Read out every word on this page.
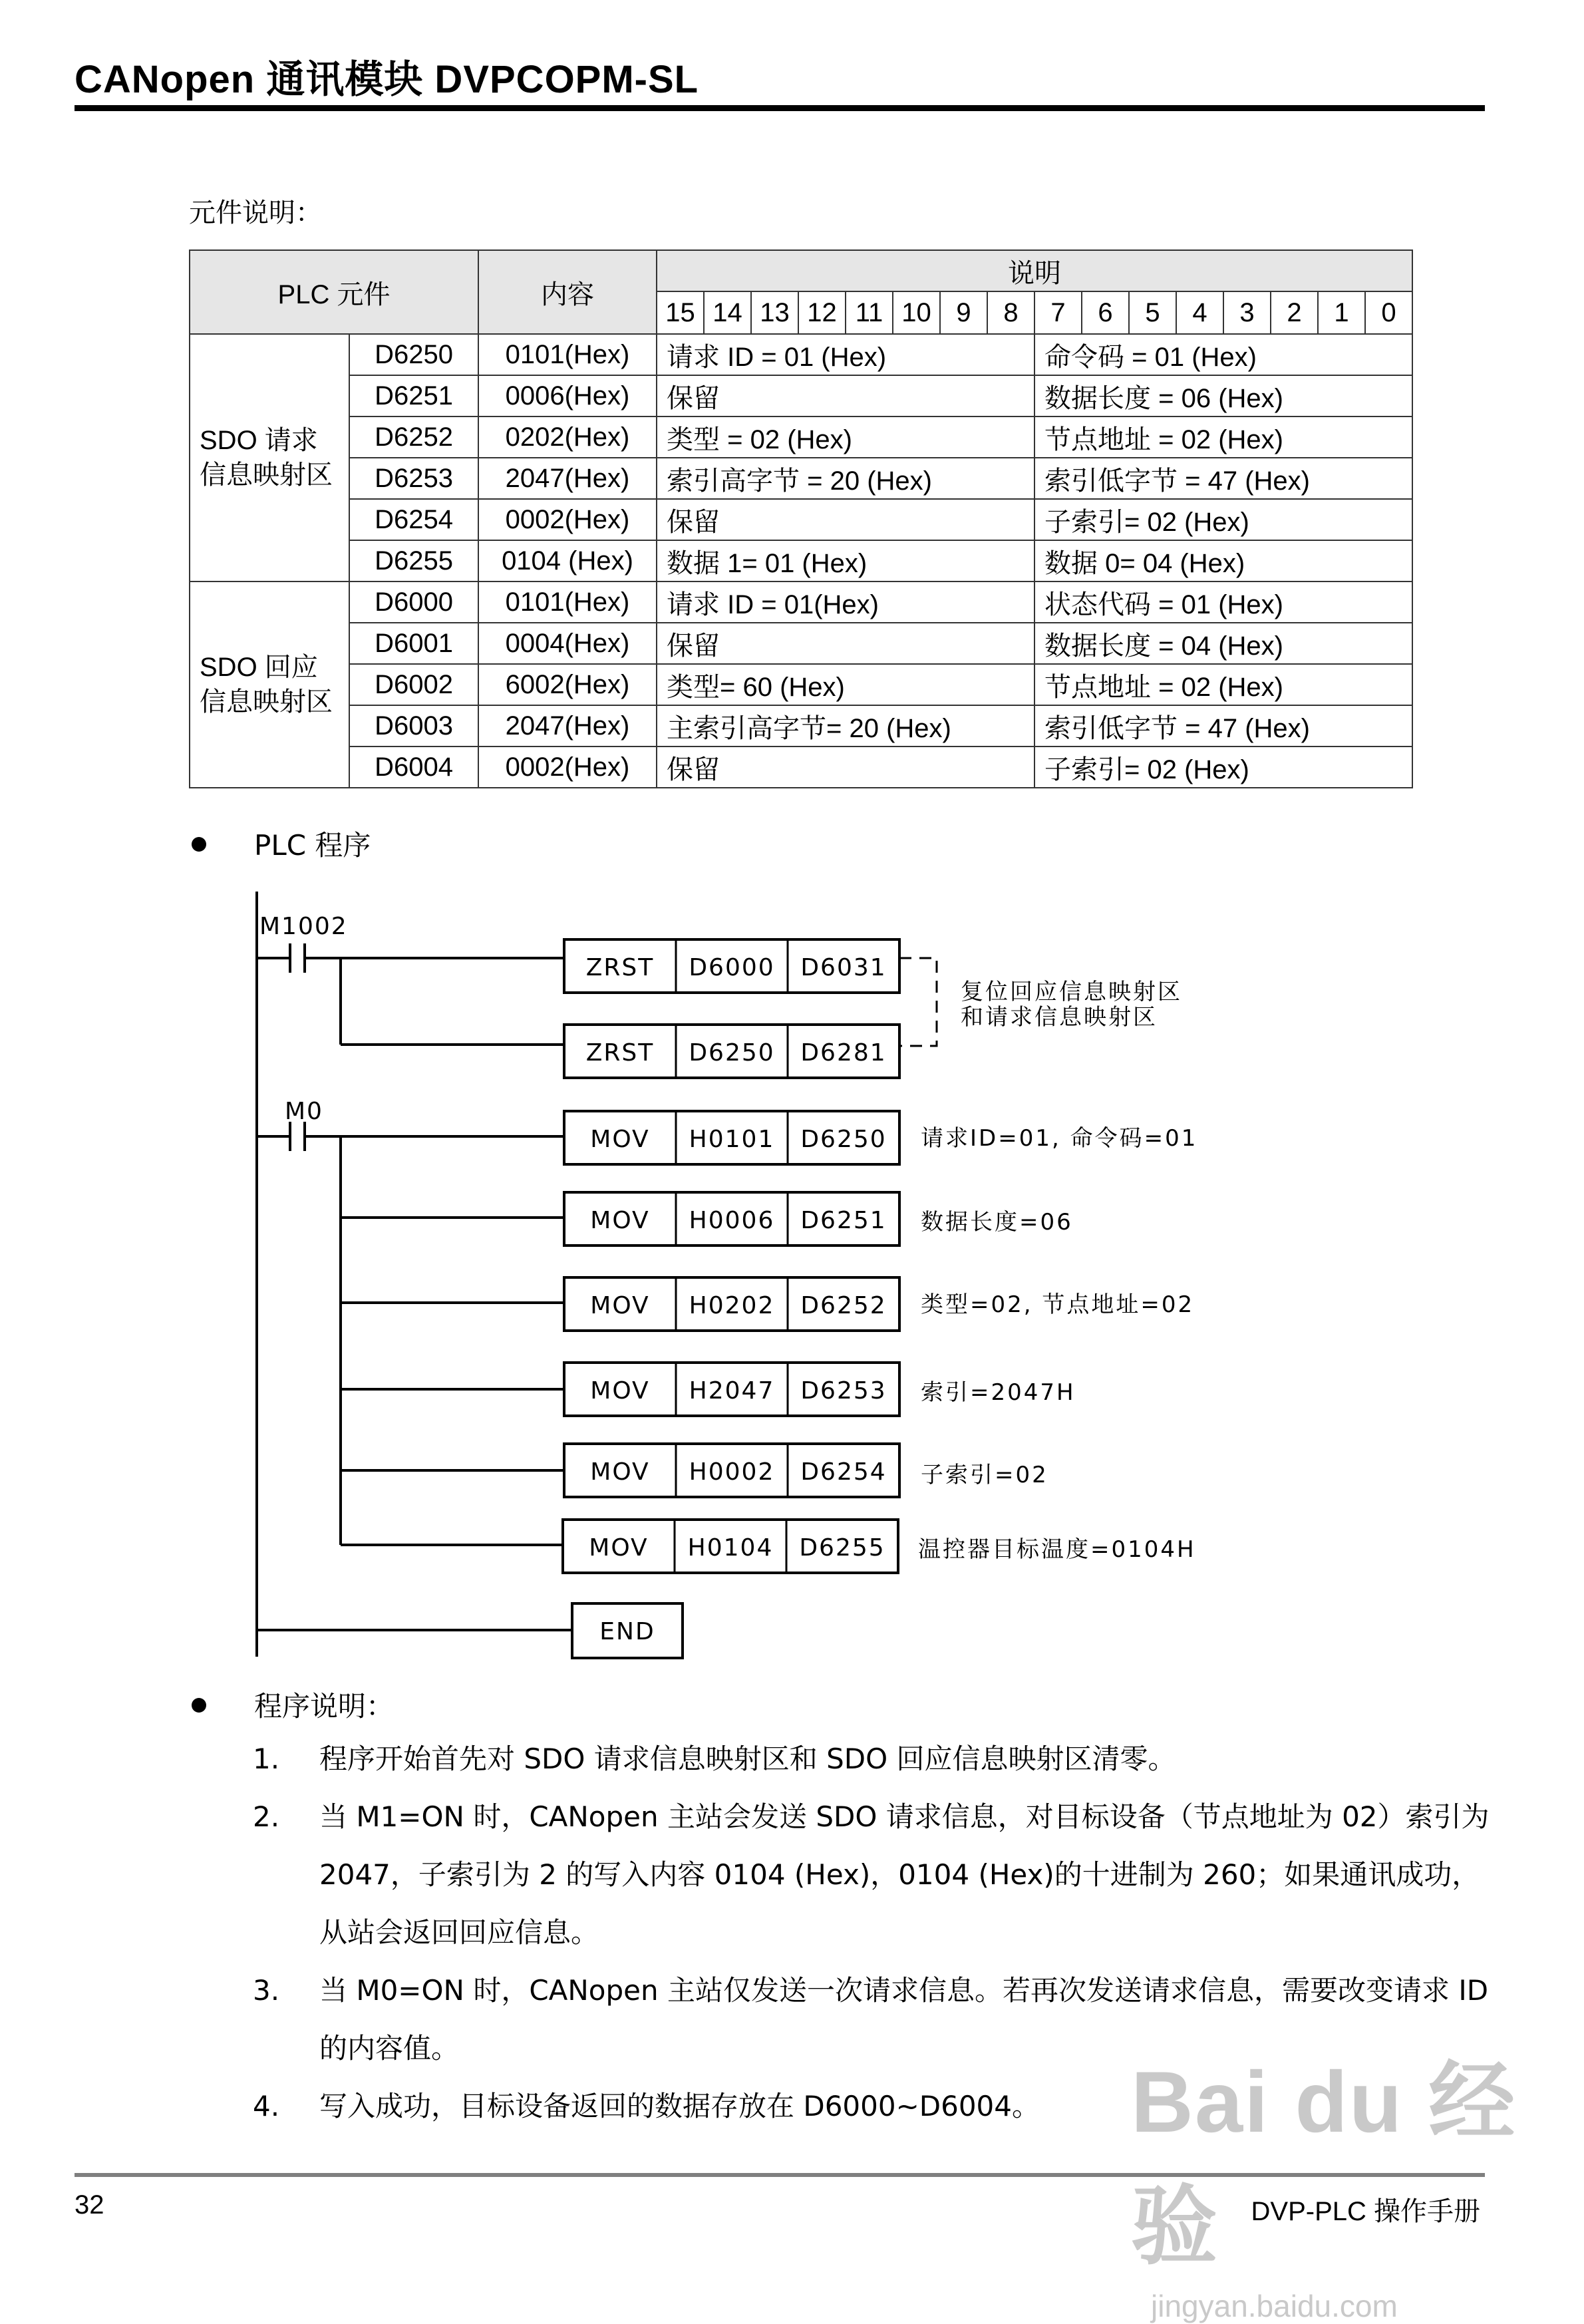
CANopen 通讯模块 DVPCOPM-SL
元件说明：
PLC 元件		内容	说明															
			15	14	13	12	11	10	9	8	7	6	5	4	3	2	1	0
SDO 请求
信息映射区	D6250	0101(Hex)	请求 ID = 01 (Hex)								命令码 = 01 (Hex)							
	D6251	0006(Hex)	保留								数据长度 = 06 (Hex)							
	D6252	0202(Hex)	类型 = 02 (Hex)								节点地址 = 02 (Hex)							
	D6253	2047(Hex)	索引高字节 = 20 (Hex)								索引低字节 = 47 (Hex)							
	D6254	0002(Hex)	保留								子索引= 02 (Hex)							
	D6255	0104 (Hex)	数据 1= 01 (Hex)								数据 0= 04 (Hex)							
SDO 回应
信息映射区	D6000	0101(Hex)	请求 ID = 01(Hex)								状态代码 = 01 (Hex)							
	D6001	0004(Hex)	保留								数据长度 = 04 (Hex)							
	D6002	6002(Hex)	类型= 60 (Hex)								节点地址 = 02 (Hex)							
	D6003	2047(Hex)	主索引高字节= 20 (Hex)								索引低字节 = 47 (Hex)							
	D6004	0002(Hex)	保留								子索引= 02 (Hex)							
PLC 程序
M1002
M0
ZRST D6000 D6031
ZRST D6250 D6281
MOV H0101 D6250
MOV H0006 D6251
MOV H0202 D6252
MOV H2047 D6253
MOV H0002 D6254
MOV H0104 D6255
END
复位回应信息映射区
和请求信息映射区
请求ID=01, 命令码=01
数据长度=06
类型=02, 节点地址=02
索引=2047H
子索引=02
温控器目标温度=0104H
程序说明：
1. 程序开始首先对 SDO 请求信息映射区和 SDO 回应信息映射区清零。
2. 当 M1=ON 时，CANopen 主站会发送 SDO 请求信息，对目标设备（节点地址为 02）索引为 2047，子索引为 2 的写入内容 0104 (Hex)，0104 (Hex)的十进制为 260；如果通讯成功，从站会返回回应信息。
3. 当 M0=ON 时，CANopen 主站仅发送一次请求信息。若再次发送请求信息，需要改变请求 ID 的内容值。
4. 写入成功，目标设备返回的数据存放在 D6000~D6004。	Bai du 经验
jingyan.baidu.com
32	DVP-PLC 操作手册
